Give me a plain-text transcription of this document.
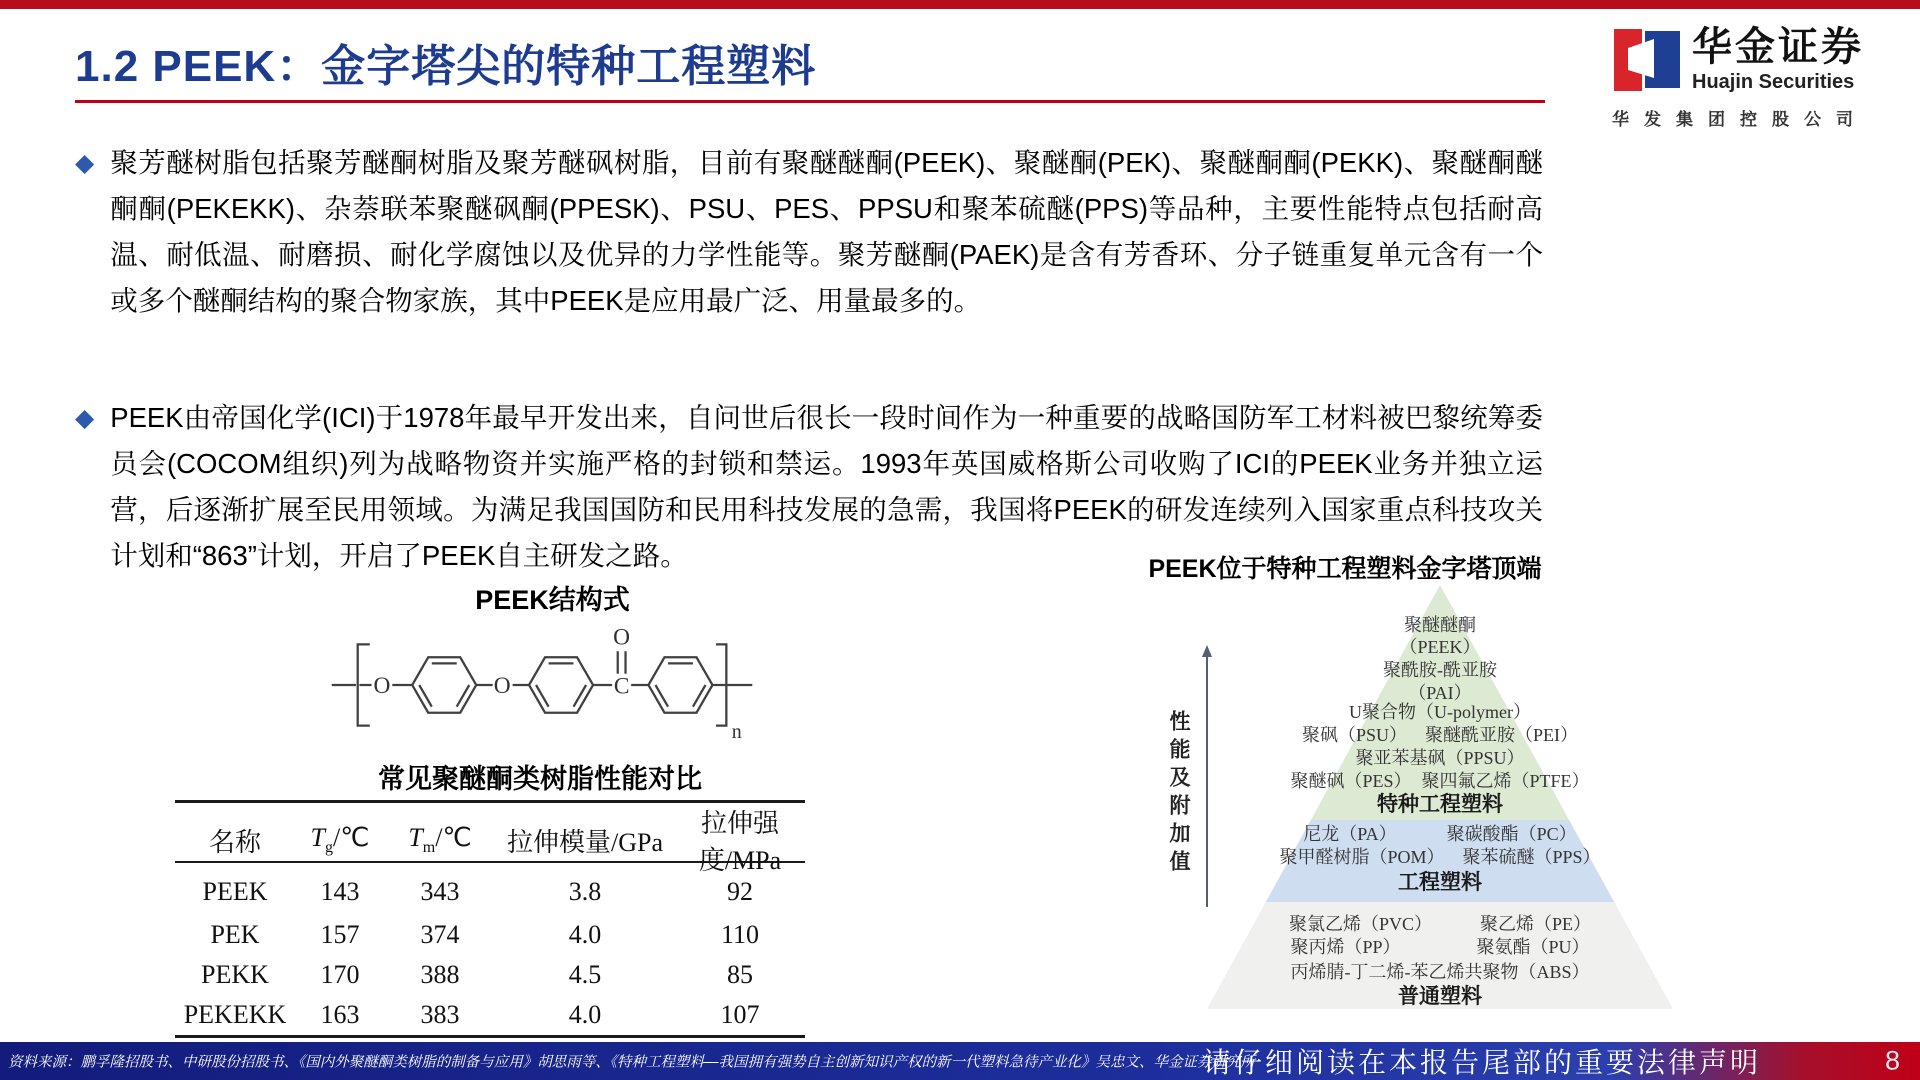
1.2 PEEK：金字塔尖的特种工程塑料	华金证券
Huajin Securities
华发集团控股公司
◆ 聚芳醚树脂包括聚芳醚酮树脂及聚芳醚砜树脂，目前有聚醚醚酮(PEEK)、聚醚酮(PEK)、聚醚酮酮(PEKK)、聚醚酮醚酮酮(PEKEKK)、杂萘联苯聚醚砜酮(PPESK)、PSU、PES、PPSU和聚苯硫醚(PPS)等品种，主要性能特点包括耐高温、耐低温、耐磨损、耐化学腐蚀以及优异的力学性能等。聚芳醚酮(PAEK)是含有芳香环、分子链重复单元含有一个或多个醚酮结构的聚合物家族，其中PEEK是应用最广泛、用量最多的。
◆ PEEK由帝国化学(ICI)于1978年最早开发出来，自问世后很长一段时间作为一种重要的战略国防军工材料被巴黎统筹委员会(COCOM组织)列为战略物资并实施严格的封锁和禁运。1993年英国威格斯公司收购了ICI的PEEK业务并独立运营，后逐渐扩展至民用领域。为满足我国国防和民用科技发展的急需，我国将PEEK的研发连续列入国家重点科技攻关计划和“863”计划，开启了PEEK自主研发之路。
PEEK结构式
O	O
O
C
n
常见聚醚酮类树脂性能对比
名称	$T_g/℃$	$T_m/℃$	拉伸模量/GPa
拉伸强度/MPa
PEEK	143	343	3.8	92
PEK	157	374	4.0	110
PEKK	170	388	4.5	85
PEKEKK	163	383	4.0	107
PEEK位于特种工程塑料金字塔顶端
性能及附加值
聚醚醚酮
（PEEK）
聚酰胺-酰亚胺
（PAI）
U聚合物（U-polymer）
聚砜（PSU） 聚醚酰亚胺（PEI）
聚亚苯基砜（PPSU）
聚醚砜（PES） 聚四氟乙烯（PTFE）
特种工程塑料
尼龙（PA）	聚碳酸酯（PC）
聚甲醛树脂（POM） 聚苯硫醚（PPS）
工程塑料
聚氯乙烯（PVC）	聚乙烯（PE）
聚丙烯（PP）	聚氨酯（PU）
丙烯腈-丁二烯-苯乙烯共聚物（ABS）
普通塑料
资料来源：鹏孚隆招股书、中研股份招股书、《国内外聚醚酮类树脂的制备与应用》胡思雨等、《特种工程塑料—我国拥有强势自主创新知识产权的新一代塑料急待产业化》吴忠文、华金证券研究所
请仔细阅读在本报告尾部的重要法律声明	8
